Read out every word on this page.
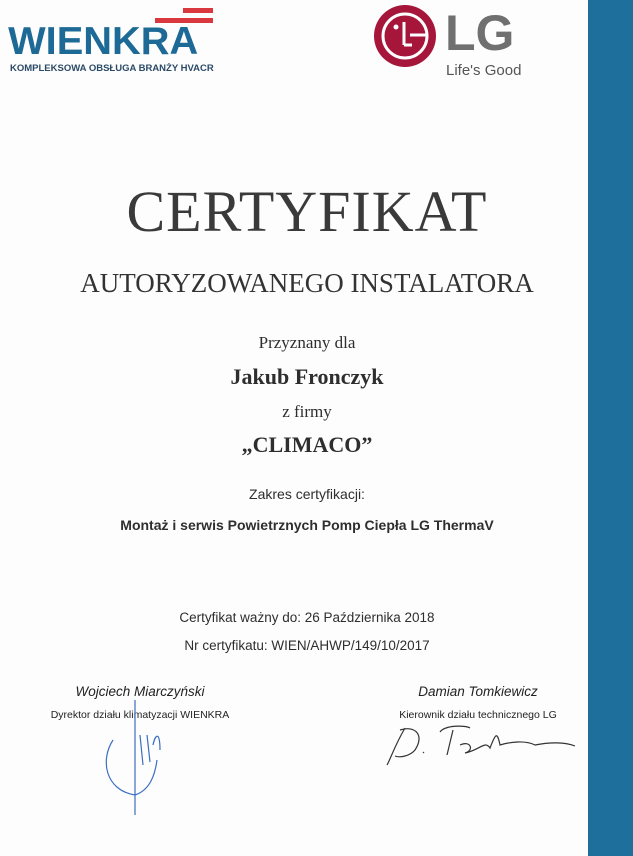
WIENKRA
KOMPLEKSOWA OBSŁUGA BRANŻY HVACR
LG
Life's Good
CERTYFIKAT
AUTORYZOWANEGO INSTALATORA
Przyznany dla
Jakub Fronczyk
z firmy
„CLIMACO”
Zakres certyfikacji:
Montaż i serwis Powietrznych Pomp Ciepła LG ThermaV
Certyfikat ważny do: 26 Października 2018
Nr certyfikatu: WIEN/AHWP/149/10/2017
Wojciech Miarczyński
Dyrektor działu klimatyzacji WIENKRA
Damian Tomkiewicz
Kierownik działu technicznego LG
